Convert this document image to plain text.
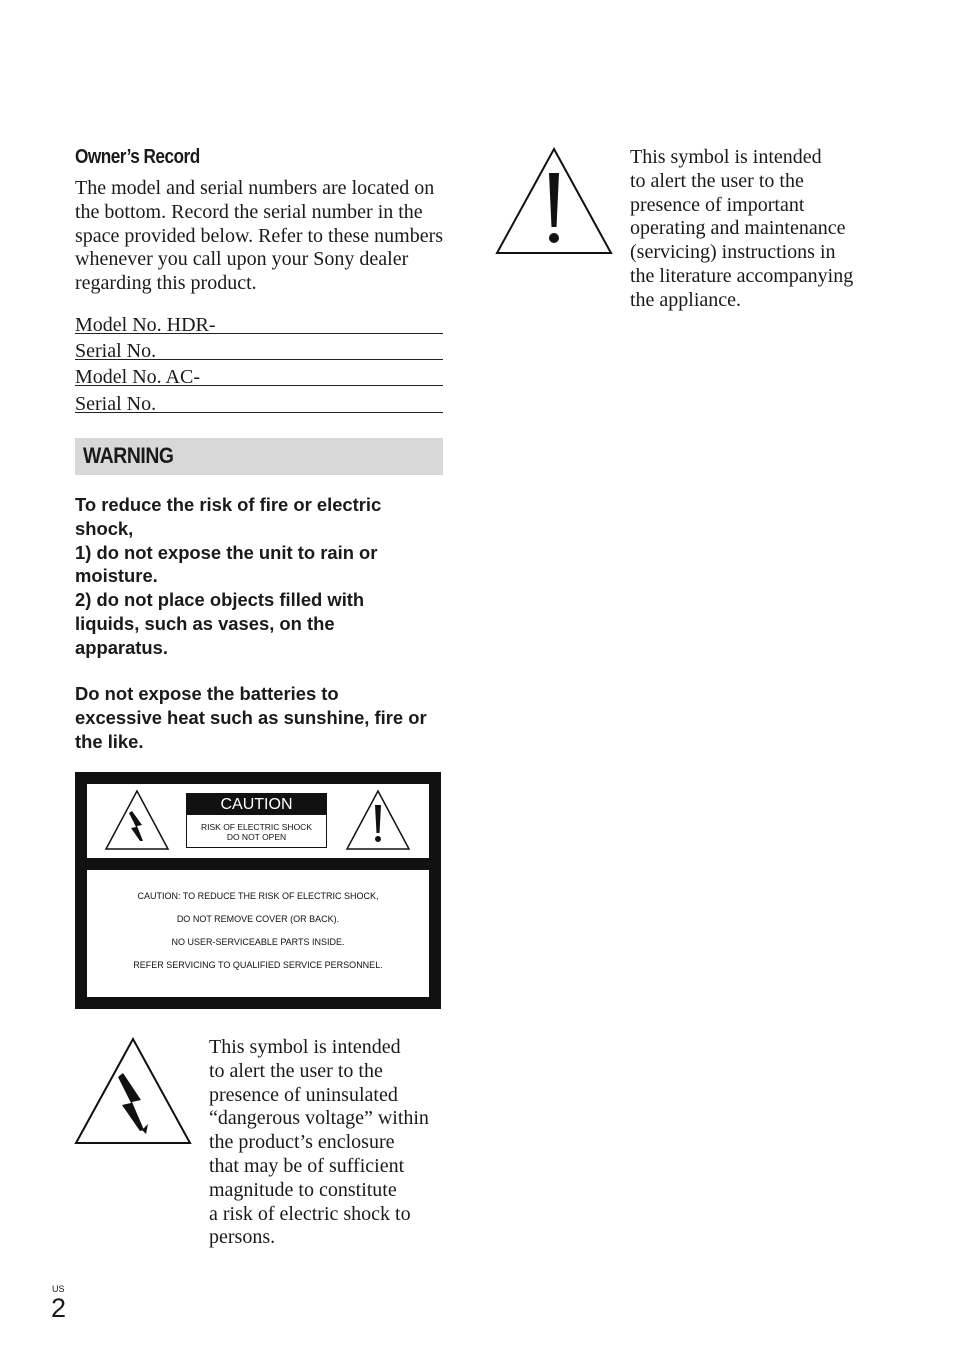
Owner’s Record
The model and serial numbers are located on the bottom. Record the serial number in the space provided below. Refer to these numbers whenever you call upon your Sony dealer regarding this product.
Model No. HDR-
Serial No.
Model No. AC-
Serial No.
WARNING
To reduce the risk of fire or electric
shock,
1) do not expose the unit to rain or
moisture.
2) do not place objects filled with
liquids, such as vases, on the
apparatus.
Do not expose the batteries to
excessive heat such as sunshine, fire or
the like.
CAUTION
RISK OF ELECTRIC SHOCK
DO NOT OPEN
CAUTION: TO REDUCE THE RISK OF ELECTRIC SHOCK,
DO NOT REMOVE COVER (OR BACK).
NO USER-SERVICEABLE PARTS INSIDE.
REFER SERVICING TO QUALIFIED SERVICE PERSONNEL.
This symbol is intended
to alert the user to the
presence of uninsulated
“dangerous voltage” within
the product’s enclosure
that may be of sufficient
magnitude to constitute
a risk of electric shock to
persons.
This symbol is intended
to alert the user to the
presence of important
operating and maintenance
(servicing) instructions in
the literature accompanying
the appliance.
US
2
